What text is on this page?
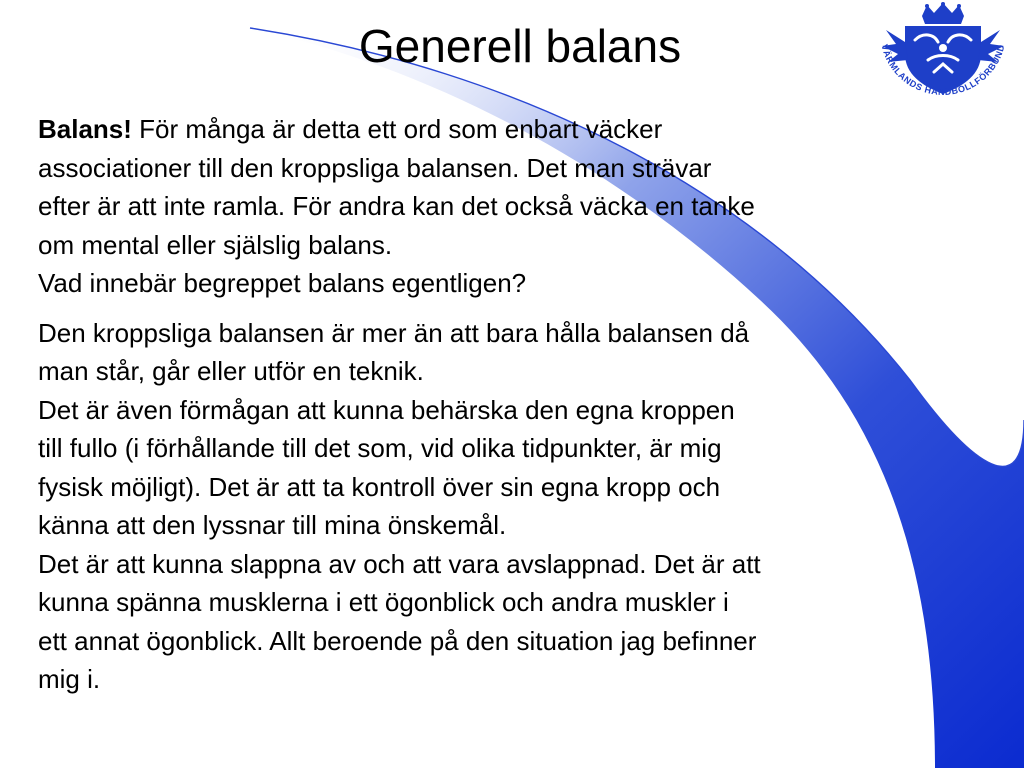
Generell balans	VÄRMLANDS HANDBOLLFÖRBUND

Balans! För många är detta ett ord som enbart väcker
associationer till den kroppsliga balansen. Det man strävar
efter är att inte ramla. För andra kan det också väcka en tanke
om mental eller själslig balans.
Vad innebär begreppet balans egentligen?

Den kroppsliga balansen är mer än att bara hålla balansen då
man står, går eller utför en teknik.
Det är även förmågan att kunna behärska den egna kroppen
till fullo (i förhållande till det som, vid olika tidpunkter, är mig
fysisk möjligt). Det är att ta kontroll över sin egna kropp och
känna att den lyssnar till mina önskemål.
Det är att kunna slappna av och att vara avslappnad. Det är att
kunna spänna musklerna i ett ögonblick och andra muskler i
ett annat ögonblick. Allt beroende på den situation jag befinner
mig i.
